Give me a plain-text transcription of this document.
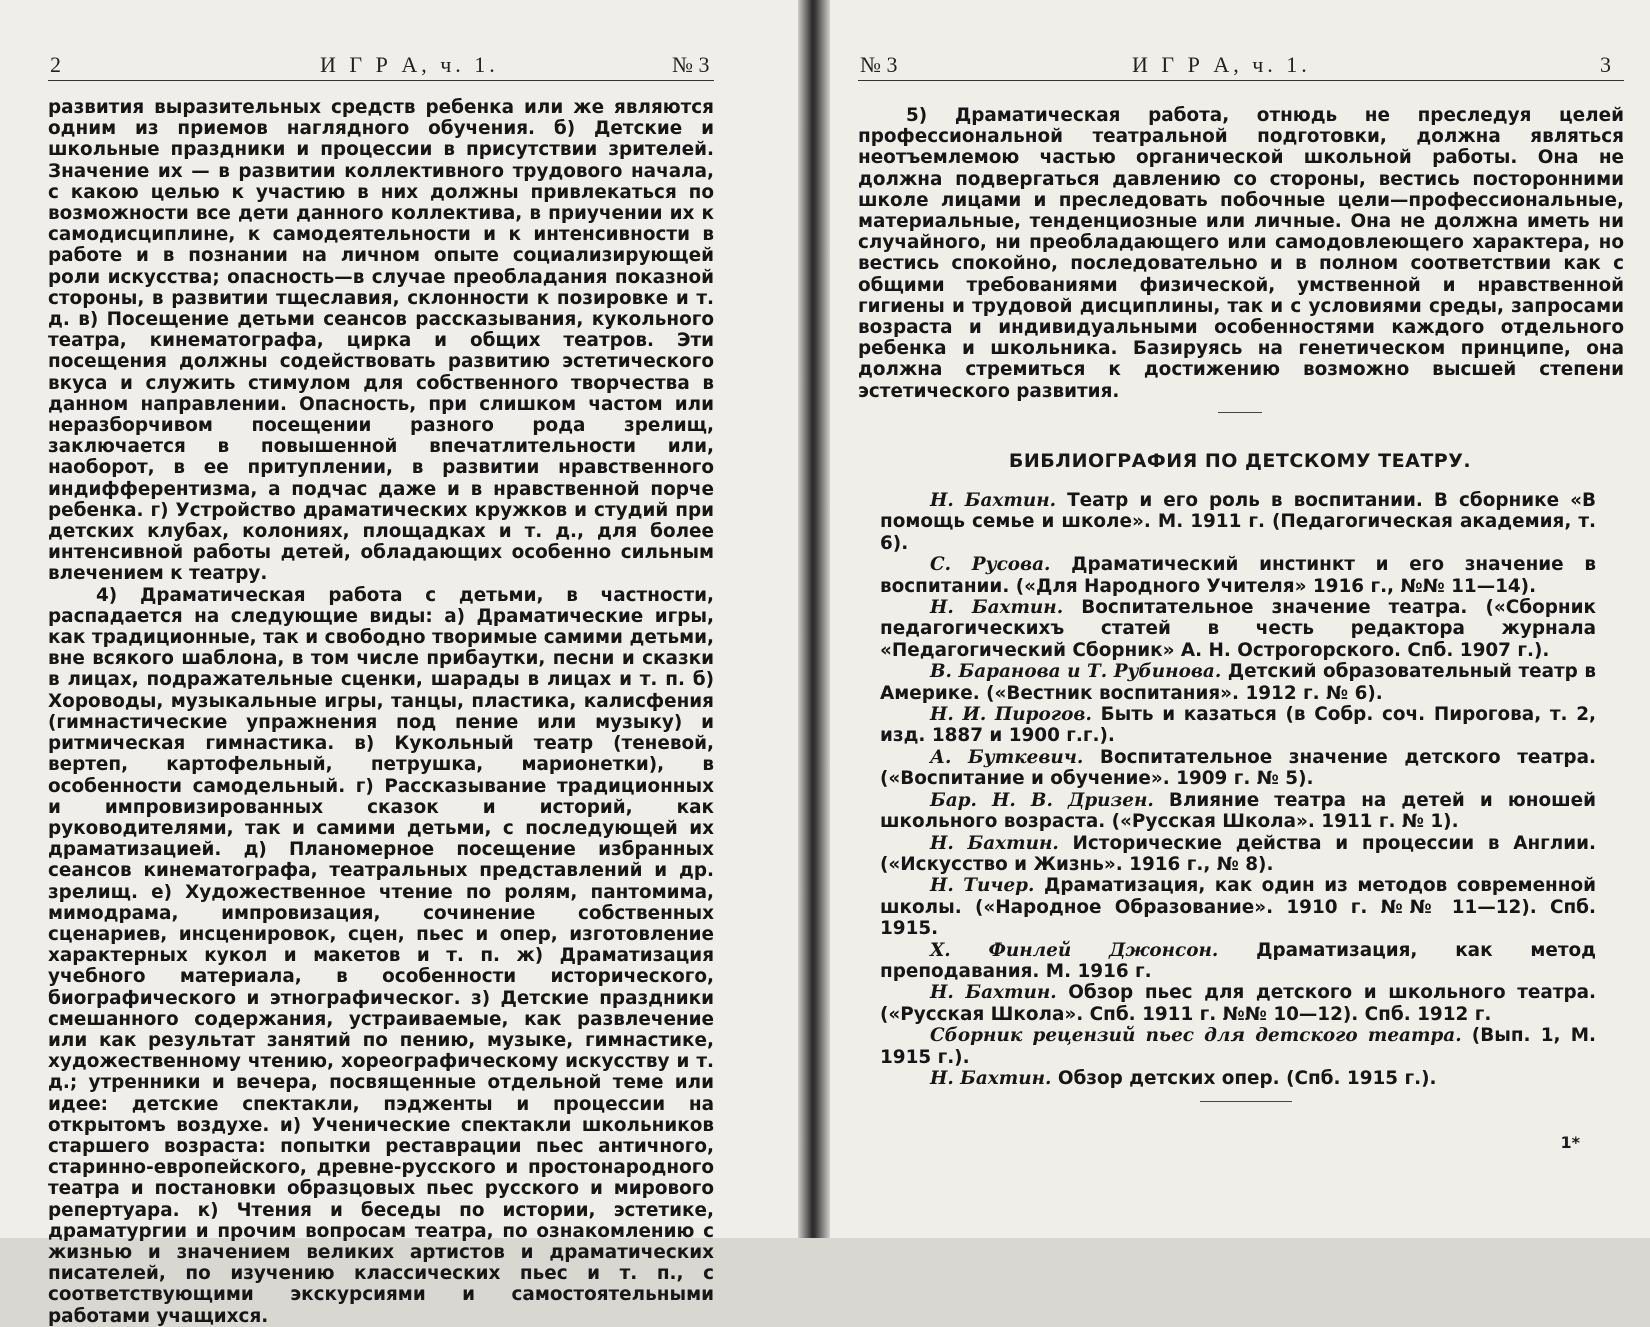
2	И Г Р А, ч. 1.	№ 3

развития выразительных средств ребенка или же являются одним из приемов наглядного обучения. б) Детские и школьные праздники и процессии в присутствии зрителей. Значение их — в развитии коллективного трудового начала, с какою целью к участию в них должны привлекаться по возможности все дети данного коллектива, в приучении их к самодисциплине, к самодеятельности и к интенсивности в работе и в познании на личном опыте социализирующей роли искусства; опасность—в случае преобладания показной стороны, в развитии тщеславия, склонности к позировке и т. д. в) Посещение детьми сеансов рассказывания, кукольного театра, кинематографа, цирка и общих театров. Эти посещения должны содействовать развитию эстетического вкуса и служить стимулом для собственного творчества в данном направлении. Опасность, при слишком частом или неразборчивом посещении разного рода зрелищ, заключается в повышенной впечатлительности или, наоборот, в ее притуплении, в развитии нравственного индифферентизма, а подчас даже и в нравственной порче ребенка. г) Устройство драматических кружков и студий при детских клубах, колониях, площадках и т. д., для более интенсивной работы детей, обладающих особенно сильным влечением к театру.

4) Драматическая работа с детьми, в частности, распадается на следующие виды: а) Драматические игры, как традиционные, так и свободно творимые самими детьми, вне всякого шаблона, в том числе прибаутки, песни и сказки в лицах, подражательные сценки, шарады в лицах и т. п. б) Хороводы, музыкальные игры, танцы, пластика, калисфения (гимнастические упражнения под пение или музыку) и ритмическая гимнастика. в) Кукольный театр (теневой, вертеп, картофельный, петрушка, марионетки), в особенности самодельный. г) Рассказывание традиционных и импровизированных сказок и историй, как руководителями, так и самими детьми, с последующей их драматизацией. д) Планомерное посещение избранных сеансов кинематографа, театральных представлений и др. зрелищ. е) Художественное чтение по ролям, пантомима, мимодрама, импровизация, сочинение собственных сценариев, инсценировок, сцен, пьес и опер, изготовление характерных кукол и макетов и т. п. ж) Драматизация учебного материала, в особенности исторического, биографического и этнографическог. з) Детские праздники смешанного содержания, устраиваемые, как развлечение или как результат занятий по пению, музыке, гимнастике, художественному чтению, хореографическому искусству и т. д.; утренники и вечера, посвященные отдельной теме или идее: детские спектакли, пэдженты и процессии на открытомъ воздухе. и) Ученические спектакли школьников старшего возраста: попытки реставрации пьес античного, старинно-европейского, древне-русского и простонародного театра и постановки образцовых пьес русского и мирового репертуара. к) Чтения и беседы по истории, эстетике, драматургии и прочим вопросам театра, по ознакомлению с жизнью и значением великих артистов и драматических писателей, по изучению классических пьес и т. п., с соответствующими экскурсиями и самостоятельными работами учащихся.

№ 3	И Г Р А, ч. 1.	3

5) Драматическая работа, отнюдь не преследуя целей профессиональной театральной подготовки, должна являться неотъемлемою частью органической школьной работы. Она не должна подвергаться давлению со стороны, вестись посторонними школе лицами и преследовать побочные цели—профессиональные, материальные, тенденциозные или личные. Она не должна иметь ни случайного, ни преобладающего или самодовлеющего характера, но вестись спокойно, последовательно и в полном соответствии как с общими требованиями физической, умственной и нравственной гигиены и трудовой дисциплины, так и с условиями среды, запросами возраста и индивидуальными особенностями каждого отдельного ребенка и школьника. Базируясь на генетическом принципе, она должна стремиться к достижению возможно высшей степени эстетического развития.

БИБЛИОГРАФИЯ ПО ДЕТСКОМУ ТЕАТРУ.

Н. Бахтин. Театр и его роль в воспитании. В сборнике «В помощь семье и школе». М. 1911 г. (Педагогическая академия, т. 6).

С. Русова. Драматический инстинкт и его значение в воспитании. («Для Народного Учителя» 1916 г., №№ 11—14).

Н. Бахтин. Воспитательное значение театра. («Сборник педагогическихъ статей в честь редактора журнала «Педагогический Сборник» А. Н. Острогорского. Спб. 1907 г.).

В. Баранова и Т. Рубинова. Детский образовательный театр в Америке. («Вестник воспитания». 1912 г. № 6).

Н. И. Пирогов. Быть и казаться (в Собр. соч. Пирогова, т. 2, изд. 1887 и 1900 г.г.).

А. Буткевич. Воспитательное значение детского театра. («Воспитание и обучение». 1909 г. № 5).

Бар. Н. В. Дризен. Влияние театра на детей и юношей школьного возраста. («Русская Школа». 1911 г. № 1).

Н. Бахтин. Исторические действа и процессии в Англии. («Искусство и Жизнь». 1916 г., № 8).

Н. Тичер. Драматизация, как один из методов современной школы. («Народное Образование». 1910 г. №№ 11—12). Спб. 1915.

Х. Финлей Джонсон. Драматизация, как метод преподавания. М. 1916 г.

Н. Бахтин. Обзор пьес для детского и школьного театра. («Русская Школа». Спб. 1911 г. №№ 10—12). Спб. 1912 г.

Сборник рецензий пьес для детского театра. (Вып. 1, М. 1915 г.).

Н. Бахтин. Обзор детских опер. (Спб. 1915 г.).

1*
